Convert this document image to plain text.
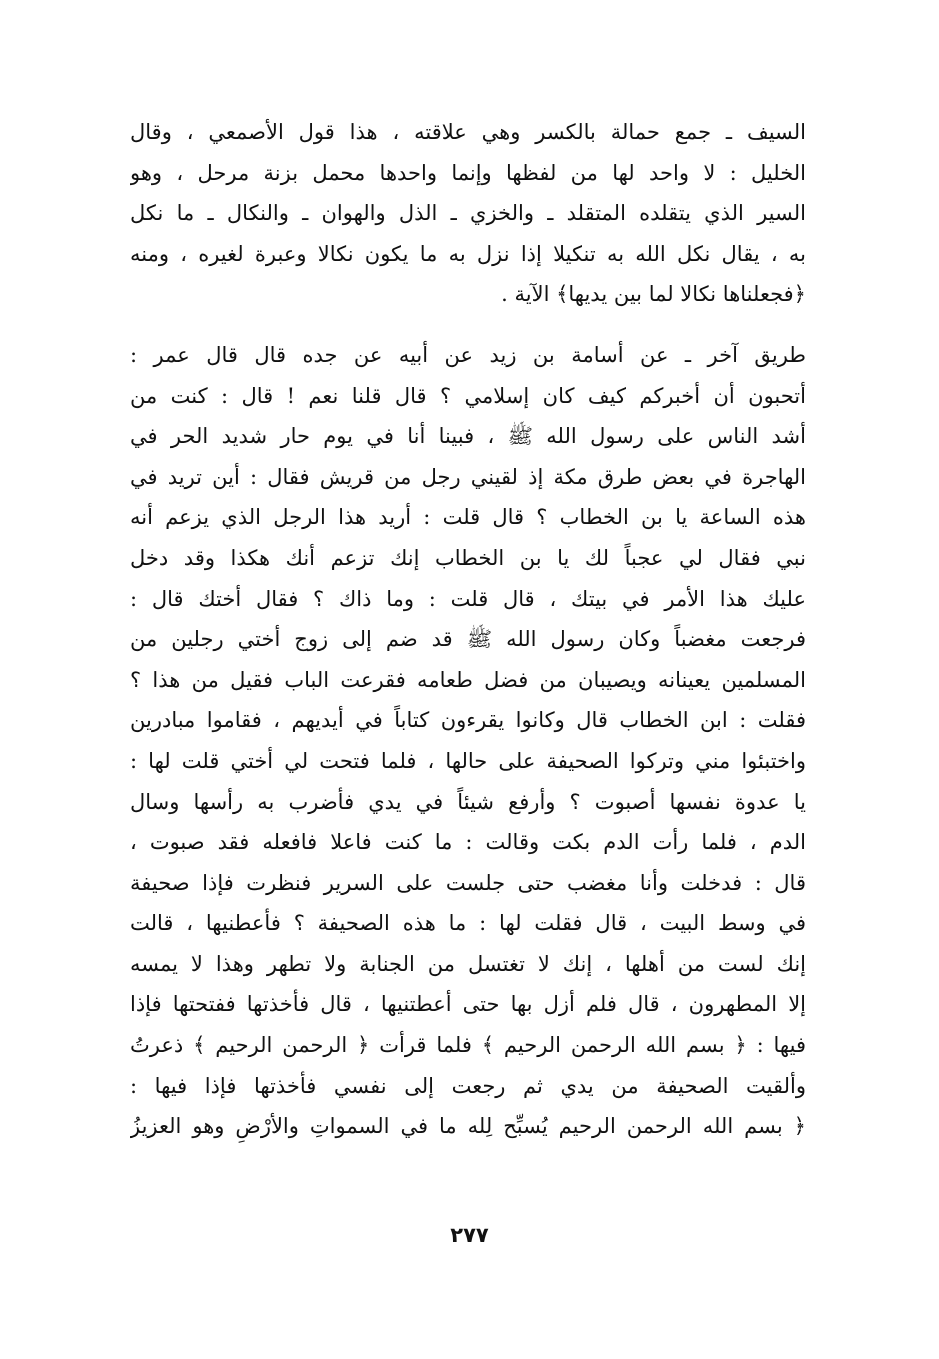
السيف ـ جمع حمالة بالكسر وهي علاقته ، هذا قول الأصمعي ، وقال
الخليل : لا واحد لها من لفظها وإنما واحدها محمل بزنة مرحل ، وهو
السير الذي يتقلده المتقلد ـ والخزي ـ الذل والهوان ـ والنكال ـ ما نكل
به ، يقال نكل الله به تنكيلا إذا نزل به ما يكون نكالا وعبرة لغيره ، ومنه
﴿فجعلناها نكالا لما بين يديها﴾ الآية .
طريق آخر ـ عن أسامة بن زيد عن أبيه عن جده قال قال عمر :
أتحبون أن أخبركم كيف كان إسلامي ؟ قال قلنا نعم ! قال : كنت من
أشد الناس على رسول الله ﷺ ، فبينا أنا في يوم حار شديد الحر في
الهاجرة في بعض طرق مكة إذ لقيني رجل من قريش فقال : أين تريد في
هذه الساعة يا بن الخطاب ؟ قال قلت : أريد هذا الرجل الذي يزعم أنه
نبي فقال لي عجباً لك يا بن الخطاب إنك تزعم أنك هكذا وقد دخل
عليك هذا الأمر في بيتك ، قال قلت : وما ذاك ؟ فقال أختك قال :
فرجعت مغضباً وكان رسول الله ﷺ قد ضم إلى زوج أختي رجلين من
المسلمين يعينانه ويصيبان من فضل طعامه فقرعت الباب فقيل من هذا ؟
فقلت : ابن الخطاب قال وكانوا يقرءون كتاباً في أيديهم ، فقاموا مبادرين
واختبئوا مني وتركوا الصحيفة على حالها ، فلما فتحت لي أختي قلت لها :
يا عدوة نفسها أصبوت ؟ وأرفع شيئاً في يدي فأضرب به رأسها وسال
الدم ، فلما رأت الدم بكت وقالت : ما كنت فاعلا فافعله فقد صبوت ،
قال : فدخلت وأنا مغضب حتى جلست على السرير فنظرت فإذا صحيفة
في وسط البيت ، قال فقلت لها : ما هذه الصحيفة ؟ فأعطنيها ، قالت
إنك لست من أهلها ، إنك لا تغتسل من الجنابة ولا تطهر وهذا لا يمسه
إلا المطهرون ، قال فلم أزل بها حتى أعطتنيها ، قال فأخذتها ففتحتها فإذا
فيها : ﴿ بسم الله الرحمن الرحيم ﴾ فلما قرأت ﴿ الرحمن الرحيم ﴾ ذعرتُ
وألقيت الصحيفة من يدي ثم رجعت إلى نفسي فأخذتها فإذا فيها :
﴿ بسم الله الرحمن الرحيم يُسبِّح لِله ما في السمواتِ والأرْضِ وهو العزيزُ
٢٧٧
